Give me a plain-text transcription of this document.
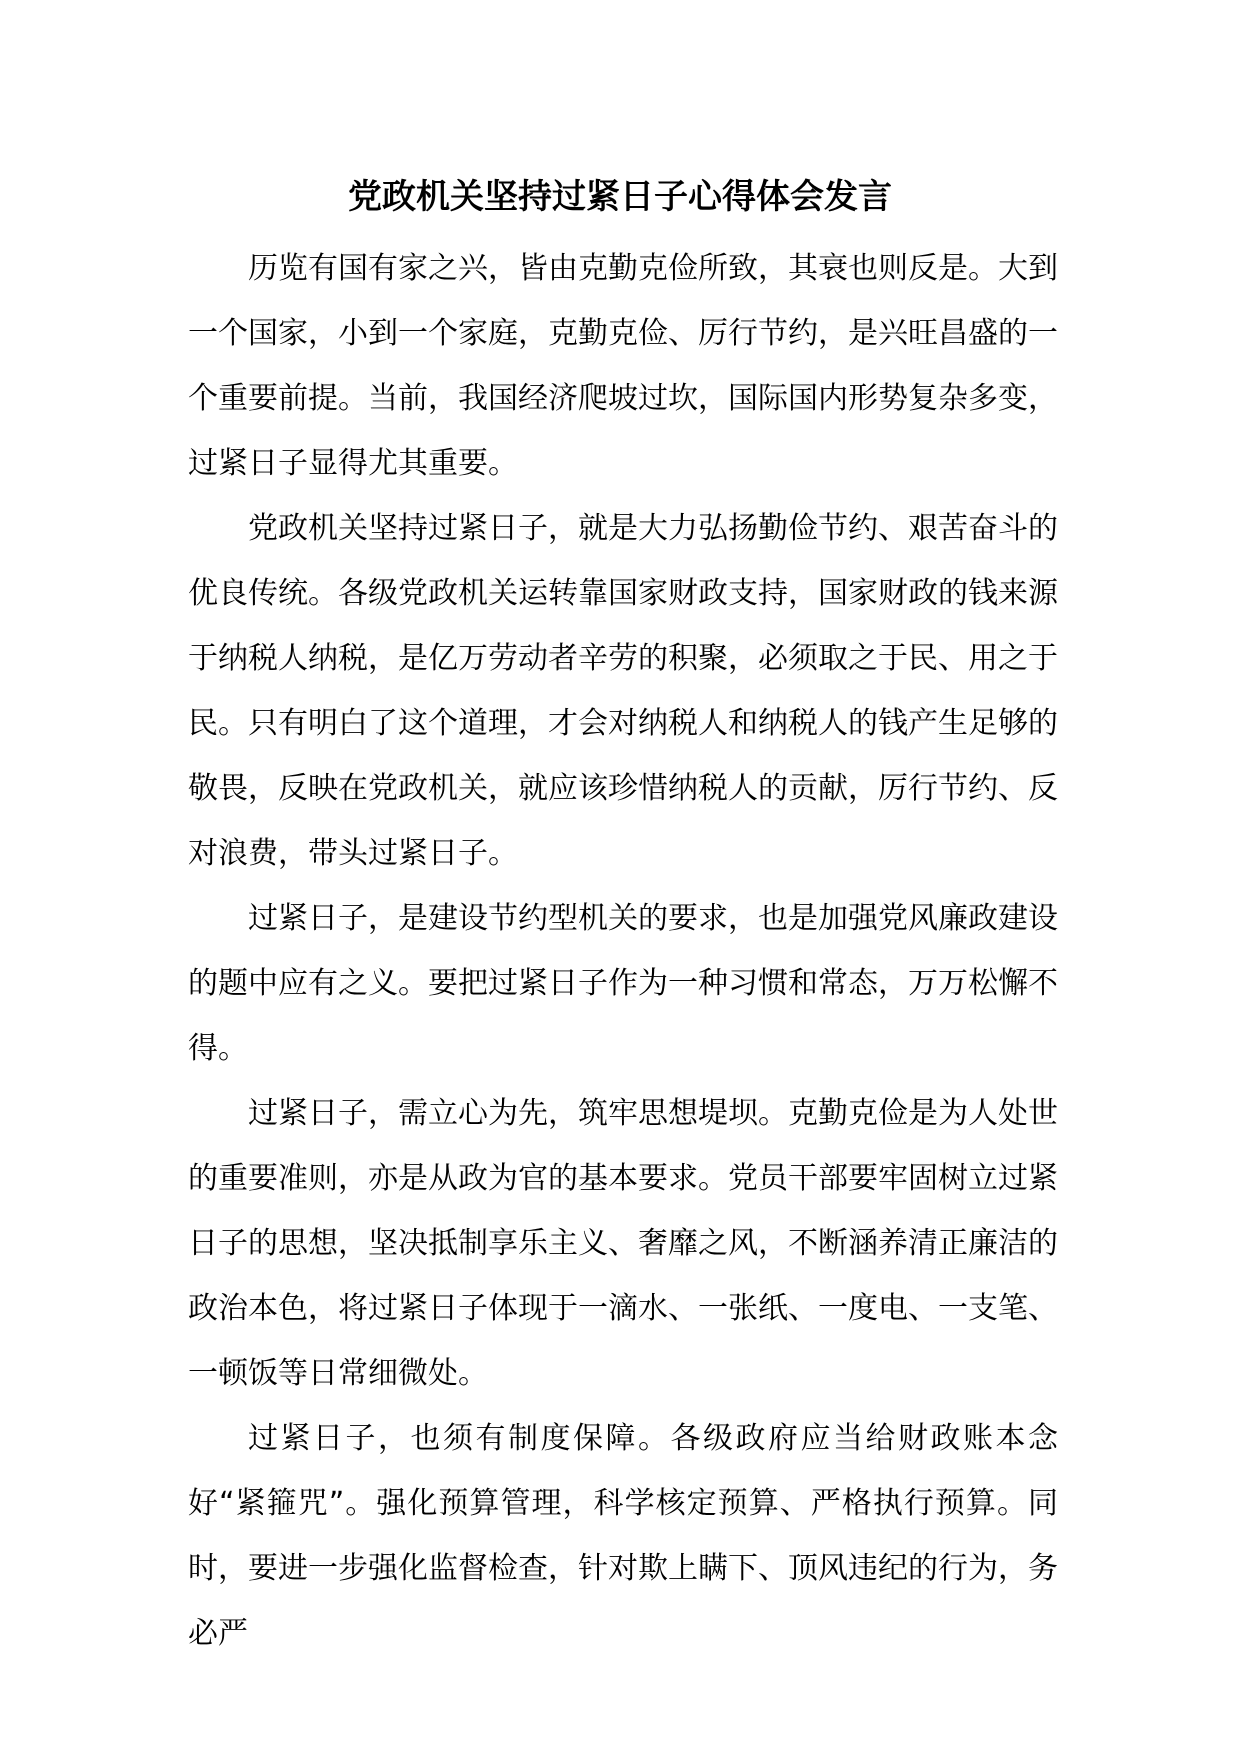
党政机关坚持过紧日子心得体会发言

历览有国有家之兴，皆由克勤克俭所致，其衰也则反是。大到一个国家，小到一个家庭，克勤克俭、厉行节约，是兴旺昌盛的一个重要前提。当前，我国经济爬坡过坎，国际国内形势复杂多变，过紧日子显得尤其重要。

党政机关坚持过紧日子，就是大力弘扬勤俭节约、艰苦奋斗的优良传统。各级党政机关运转靠国家财政支持，国家财政的钱来源于纳税人纳税，是亿万劳动者辛劳的积聚，必须取之于民、用之于民。只有明白了这个道理，才会对纳税人和纳税人的钱产生足够的敬畏，反映在党政机关，就应该珍惜纳税人的贡献，厉行节约、反对浪费，带头过紧日子。

过紧日子，是建设节约型机关的要求，也是加强党风廉政建设的题中应有之义。要把过紧日子作为一种习惯和常态，万万松懈不得。

过紧日子，需立心为先，筑牢思想堤坝。克勤克俭是为人处世的重要准则，亦是从政为官的基本要求。党员干部要牢固树立过紧日子的思想，坚决抵制享乐主义、奢靡之风，不断涵养清正廉洁的政治本色，将过紧日子体现于一滴水、一张纸、一度电、一支笔、一顿饭等日常细微处。

过紧日子，也须有制度保障。各级政府应当给财政账本念好“紧箍咒”。强化预算管理，科学核定预算、严格执行预算。同时，要进一步强化监督检查，针对欺上瞒下、顶风违纪的行为，务必严
